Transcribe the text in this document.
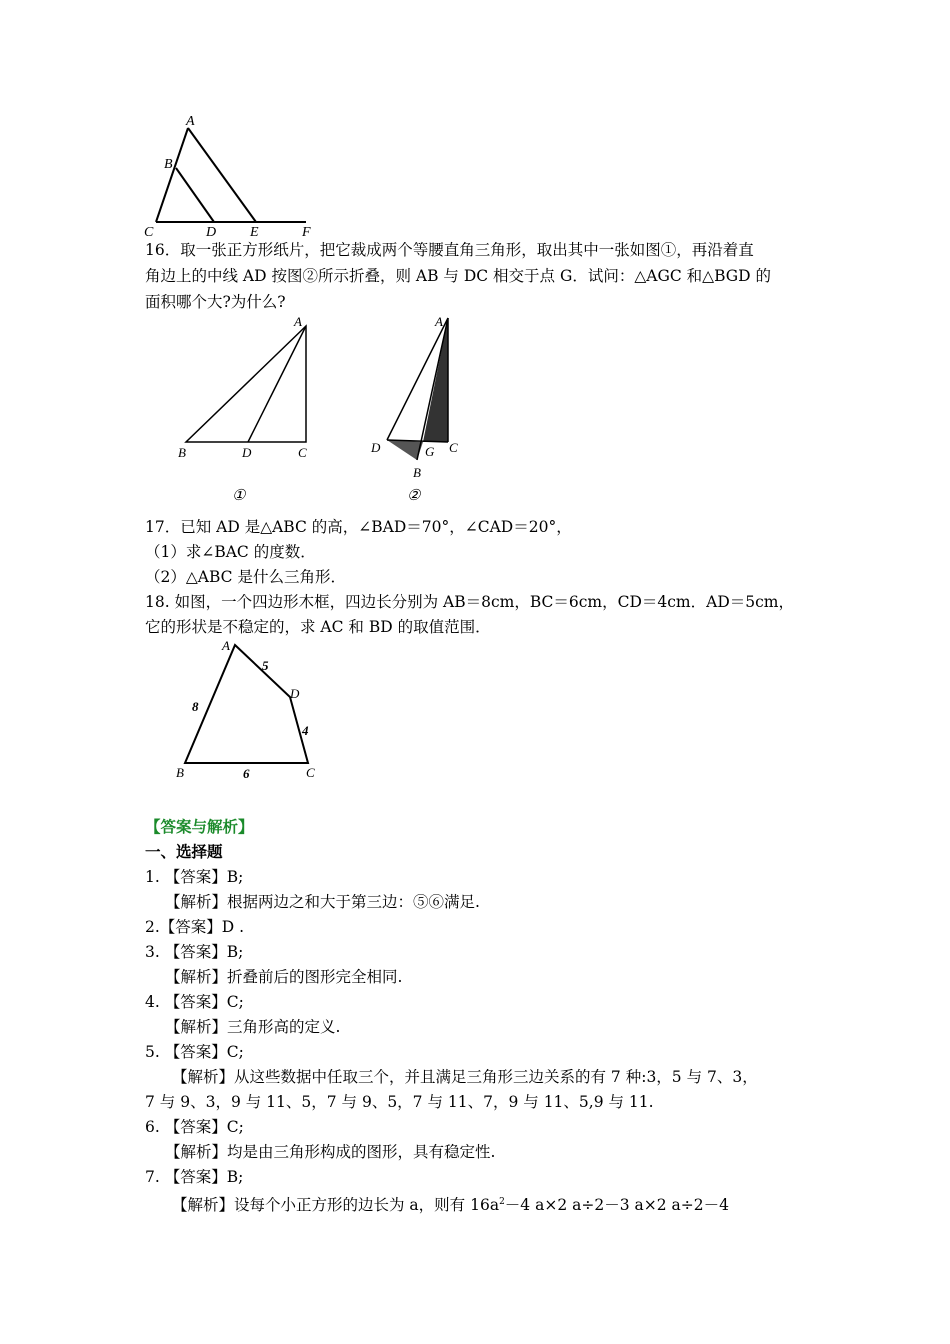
A
B
C	D E	F
16．取一张正方形纸片，把它裁成两个等腰直角三角形，取出其中一张如图①，再沿着直
角边上的中线 AD 按图②所示折叠，则 AB 与 DC 相交于点 G．试问：△AGC 和△BGD 的
面积哪个大?为什么?
A
B	D	C
①
A
D	G C
B
②
17．已知 AD 是△ABC 的高，∠BAD＝70°，∠CAD＝20°，
（1）求∠BAC 的度数．
（2）△ABC 是什么三角形．
18. 如图，一个四边形木框，四边长分别为 AB＝8cm，BC＝6cm，CD＝4cm．AD＝5cm，
它的形状是不稳定的，求 AC 和 BD 的取值范围．
A
D
B	C
8
5
4
6
【答案与解析】
一、选择题
1. 【答案】B;
【解析】根据两边之和大于第三边：⑤⑥满足.
2.【答案】D .
3. 【答案】B;
【解析】折叠前后的图形完全相同.
4. 【答案】C;
【解析】三角形高的定义.
5. 【答案】C;
【解析】从这些数据中任取三个，并且满足三角形三边关系的有 7 种:3，5 与 7、3，
7 与 9、3，9 与 11、5，7 与 9、5，7 与 11、7，9 与 11、5,9 与 11.
6. 【答案】C;
【解析】均是由三角形构成的图形，具有稳定性.
7. 【答案】B;
【解析】设每个小正方形的边长为 a，则有 $16a^2-4$ a×2 a÷2－3 a×2 a÷2－4
